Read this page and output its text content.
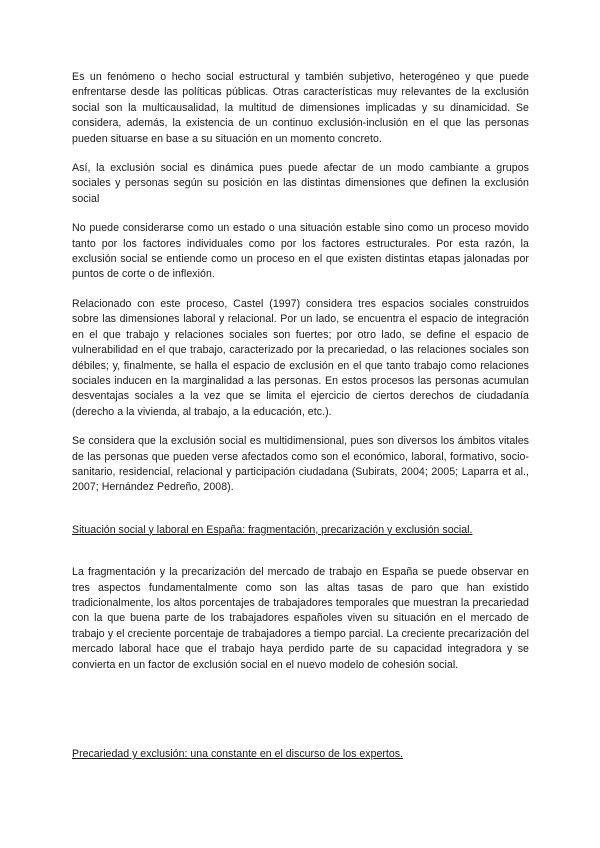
Es un fenómeno o hecho social estructural y también subjetivo, heterogéneo y que puede enfrentarse desde las políticas públicas. Otras características muy relevantes de la exclusión social son la multicausalidad, la multitud de dimensiones implicadas y su dinamicidad. Se considera, además, la existencia de un continuo exclusión-inclusión en el que las personas pueden situarse en base a su situación en un momento concreto.

Así, la exclusión social es dinámica pues puede afectar de un modo cambiante a grupos sociales y personas según su posición en las distintas dimensiones que definen la exclusión social

No puede considerarse como un estado o una situación estable sino como un proceso movido tanto por los factores individuales como por los factores estructurales. Por esta razón, la exclusión social se entiende como un proceso en el que existen distintas etapas jalonadas por puntos de corte o de inflexión.

Relacionado con este proceso, Castel (1997) considera tres espacios sociales construidos sobre las dimensiones laboral y relacional. Por un lado, se encuentra el espacio de integración en el que trabajo y relaciones sociales son fuertes; por otro lado, se define el espacio de vulnerabilidad en el que trabajo, caracterizado por la precariedad, o las relaciones sociales son débiles; y, finalmente, se halla el espacio de exclusión en el que tanto trabajo como relaciones sociales inducen en la marginalidad a las personas. En estos procesos las personas acumulan desventajas sociales a la vez que se limita el ejercicio de ciertos derechos de ciudadanía (derecho a la vivienda, al trabajo, a la educación, etc.).

Se considera que la exclusión social es multidimensional, pues son diversos los ámbitos vitales de las personas que pueden verse afectados como son el económico, laboral, formativo, socio-sanitario, residencial, relacional y participación ciudadana (Subirats, 2004; 2005; Laparra et al., 2007; Hernández Pedreño, 2008).

Situación social y laboral en España: fragmentación, precarización y exclusión social.

La fragmentación y la precarización del mercado de trabajo en España se puede observar en tres aspectos fundamentalmente como son las altas tasas de paro que han existido tradicionalmente, los altos porcentajes de trabajadores temporales que muestran la precariedad con la que buena parte de los trabajadores españoles viven su situación en el mercado de trabajo y el creciente porcentaje de trabajadores a tiempo parcial. La creciente precarización del mercado laboral hace que el trabajo haya perdido parte de su capacidad integradora y se convierta en un factor de exclusión social en el nuevo modelo de cohesión social.

Precariedad y exclusión: una constante en el discurso de los expertos.
